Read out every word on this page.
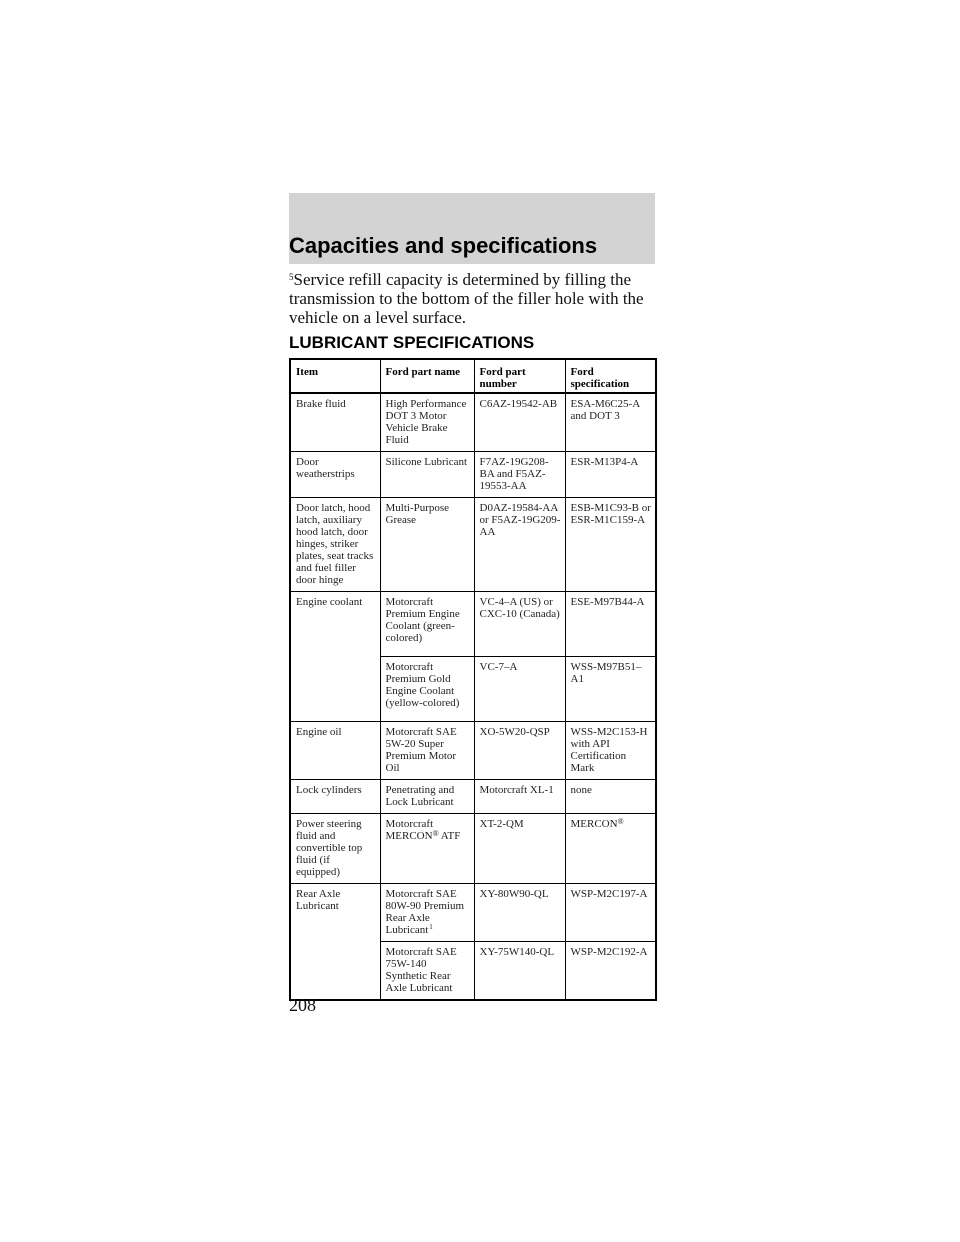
Capacities and specifications
$^5$Service refill capacity is determined by filling the transmission to the bottom of the filler hole with the vehicle on a level surface.
LUBRICANT SPECIFICATIONS
Item	Ford part name	Ford part number	Ford specification
Brake fluid	High Performance DOT 3 Motor Vehicle Brake Fluid	C6AZ-19542-AB	ESA-M6C25-A and DOT 3
Door weatherstrips	Silicone Lubricant	F7AZ-19G208-BA and F5AZ-19553-AA	ESR-M13P4-A
Door latch, hood latch, auxiliary hood latch, door hinges, striker plates, seat tracks and fuel filler door hinge	Multi-Purpose Grease	D0AZ-19584-AA or F5AZ-19G209-AA	ESB-M1C93-B or ESR-M1C159-A
Engine coolant	Motorcraft Premium Engine Coolant (green-colored)	VC-4–A (US) or CXC-10 (Canada)	ESE-M97B44-A
	Motorcraft Premium Gold Engine Coolant (yellow-colored)	VC-7–A	WSS-M97B51–A1
Engine oil	Motorcraft SAE 5W-20 Super Premium Motor Oil	XO-5W20-QSP	WSS-M2C153-H with API Certification Mark
Lock cylinders	Penetrating and Lock Lubricant	Motorcraft XL-1	none
Power steering fluid and convertible top fluid (if equipped)	Motorcraft MERCON® ATF	XT-2-QM	MERCON®
Rear Axle Lubricant	Motorcraft SAE 80W-90 Premium Rear Axle Lubricant$^1$	XY-80W90-QL	WSP-M2C197-A
	Motorcraft SAE 75W-140 Synthetic Rear Axle Lubricant	XY-75W140-QL	WSP-M2C192-A
208
